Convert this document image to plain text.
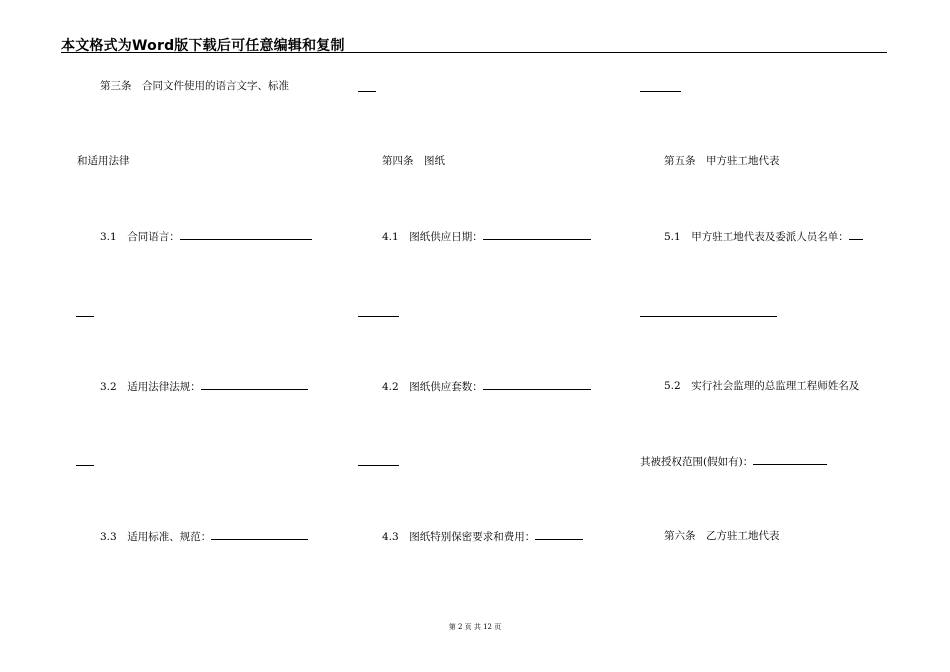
本文格式为Word版下载后可任意编辑和复制
第三条　合同文件使用的语言文字、标准
和适用法律
3.1　合同语言：
3.2　适用法律法规：
3.3　适用标准、规范：
第四条　图纸
4.1　图纸供应日期：
4.2　图纸供应套数：
4.3　图纸特别保密要求和费用：
第五条　甲方驻工地代表
5.1　甲方驻工地代表及委派人员名单：
5.2　实行社会监理的总监理工程师姓名及
其被授权范围(假如有)：
第六条　乙方驻工地代表
第 2 页 共 12 页
